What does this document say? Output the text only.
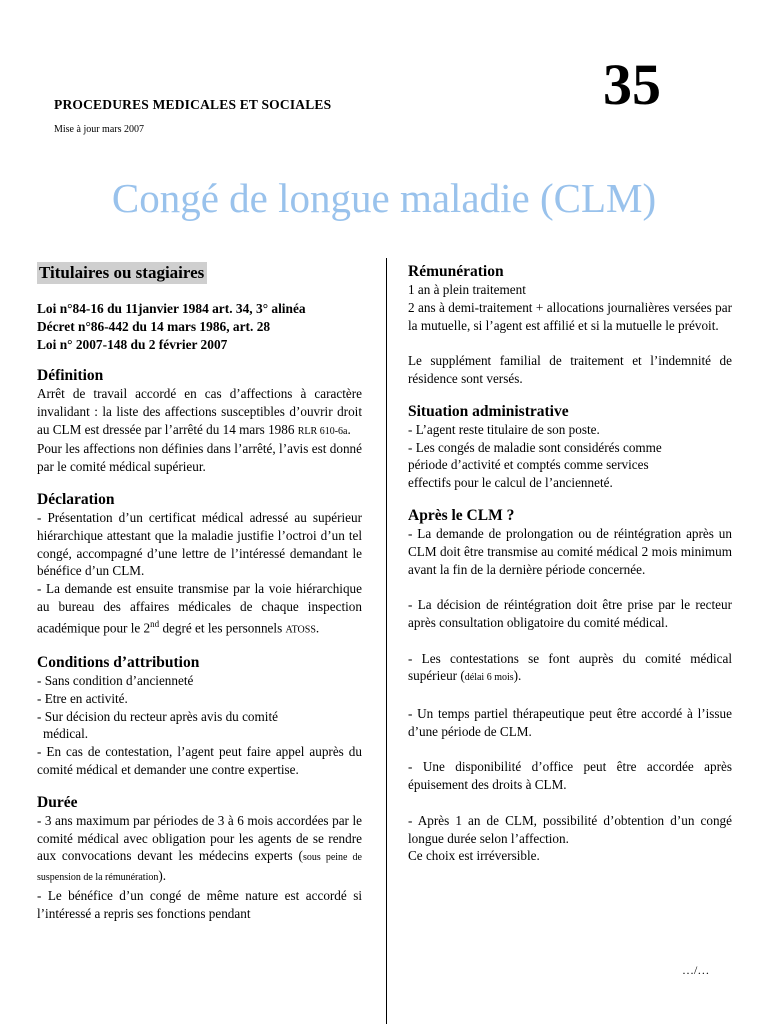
PROCEDURES MEDICALES ET SOCIALES
Mise à jour mars 2007
35
Congé de longue maladie (CLM)
Titulaires ou stagiaires
Loi n°84-16 du 11janvier 1984 art. 34, 3° alinéa
Décret n°86-442 du 14 mars 1986, art. 28
Loi n° 2007-148 du 2 février 2007
Définition

Arrêt de travail accordé en cas d’affections à caractère invalidant : la liste des affections susceptibles d’ouvrir droit au CLM est dressée par l’arrêté du 14 mars 1986 RLR 610-6a.

Pour les affections non définies dans l’arrêté, l’avis est donné par le comité médical supérieur.

Déclaration

- Présentation d’un certificat médical adressé au supérieur hiérarchique attestant que la maladie justifie l’octroi d’un tel congé, accompagné d’une lettre de l’intéressé demandant le bénéfice d’un CLM.

- La demande est ensuite transmise par la voie hiérarchique au bureau des affaires médicales de chaque inspection académique pour le 2nd degré et les personnels ATOSS.

Conditions d’attribution

- Sans condition d’ancienneté

- Etre en activité.

- Sur décision du recteur après avis du comité

médical.

- En cas de contestation, l’agent peut faire appel auprès du comité médical et demander une contre expertise.

Durée

- 3 ans maximum par périodes de 3 à 6 mois accordées par le comité médical avec obligation pour les agents de se rendre aux convocations devant les médecins experts (sous peine de suspension de la rémunération).

- Le bénéfice d’un congé de même nature est accordé si l’intéressé a repris ses fonctions pendant

Rémunération

1 an à plein traitement

2 ans à demi-traitement + allocations journalières versées par la mutuelle, si l’agent est affilié et si la mutuelle le prévoit.

Le supplément familial de traitement et l’indemnité de résidence sont versés.

Situation administrative

- L’agent reste titulaire de son poste.

- Les congés de maladie sont considérés comme période d’activité et comptés comme services effectifs pour le calcul de l’ancienneté.

Après le CLM ?

- La demande de prolongation ou de réintégration après un CLM doit être transmise au comité médical 2 mois minimum avant la fin de la dernière période concernée.

- La décision de réintégration doit être prise par le recteur après consultation obligatoire du comité médical.

- Les contestations se font auprès du comité médical supérieur (délai 6 mois).

- Un temps partiel thérapeutique peut être accordé à l’issue d’une période de CLM.

- Une disponibilité d’office peut être accordée après épuisement des droits à CLM.

- Après 1 an de CLM, possibilité d’obtention d’un congé longue durée selon l’affection.

Ce choix est irréversible.

…/…
